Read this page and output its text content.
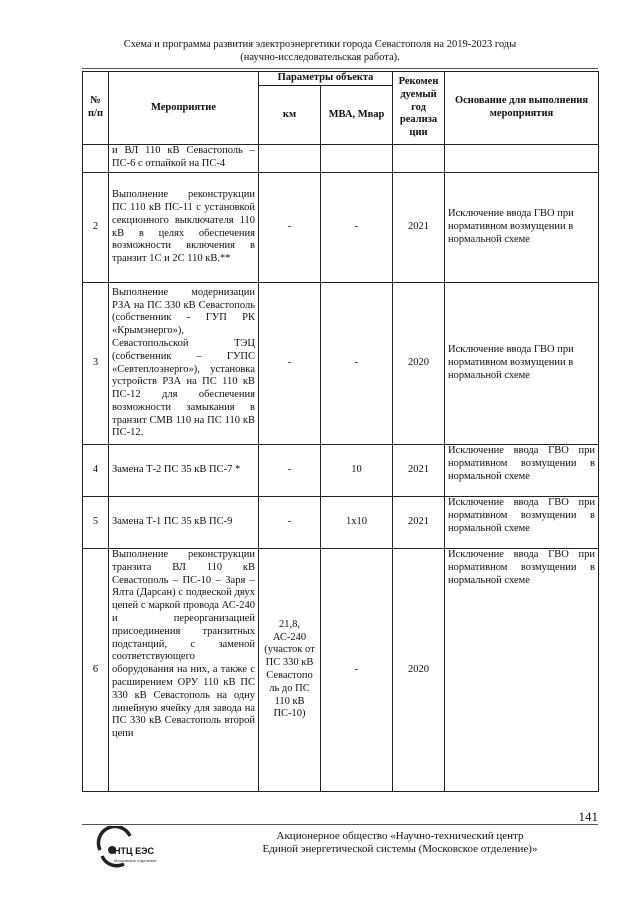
Схема и программа развития электроэнергетики города Севастополя на 2019-2023 годы
(научно-исследовательская работа).
№ п/п	Мероприятие	Параметры объекта		Рекомен дуемый год реализа ции	Основание для выполнения мероприятия
		км	МВА, Мвар		
	и ВЛ 110 кВ Севастополь – ПС-6 с отпайкой на ПС-4				
2	Выполнение реконструкции ПС 110 кВ ПС-11 с установкой секционного выключателя 110 кВ в целях обеспечения возможности включения в транзит 1С и 2С 110 кВ.**	-	-	2021	Исключение ввода ГВО при нормативном возмущении в нормальной схеме
3	Выполнение модернизации РЗА на ПС 330 кВ Севастополь (собственник - ГУП РК «Крымэнерго»), Севастопольской ТЭЦ (собственник – ГУПС «Севтеплоэнерго»), установка устройств РЗА на ПС 110 кВ ПС-12 для обеспечения возможности замыкания в транзит СМВ 110 на ПС 110 кВ ПС-12.	-	-	2020	Исключение ввода ГВО при нормативном возмущении в нормальной схеме
4	Замена Т-2 ПС 35 кВ ПС-7 *	-	10	2021	Исключение ввода ГВО при нормативном возмущении в нормальной схеме
5	Замена Т-1 ПС 35 кВ ПС-9	-	1х10	2021	Исключение ввода ГВО при нормативном возмущении в нормальной схеме
6	Выполнение реконструкции транзита ВЛ 110 кВ Севастополь – ПС-10 – Заря – Ялта (Дарсан) с подвеской двух цепей с маркой провода АС-240 и переорганизацией присоединения транзитных подстанций, с заменой соответствующего оборудования на них, а также с расширением ОРУ 110 кВ ПС 330 кВ Севастополь на одну линейную ячейку для завода на ПС 330 кВ Севастополь второй цепи	21,8, АС-240 (участок от ПС 330 кВ Севастопо ль до ПС 110 кВ ПС-10)	-	2020	Исключение ввода ГВО при нормативном возмущении в нормальной схеме
141
НТЦ ЕЭС
Московское отделение
Акционерное общество «Научно-технический центр
Единой энергетической системы (Московское отделение)»
